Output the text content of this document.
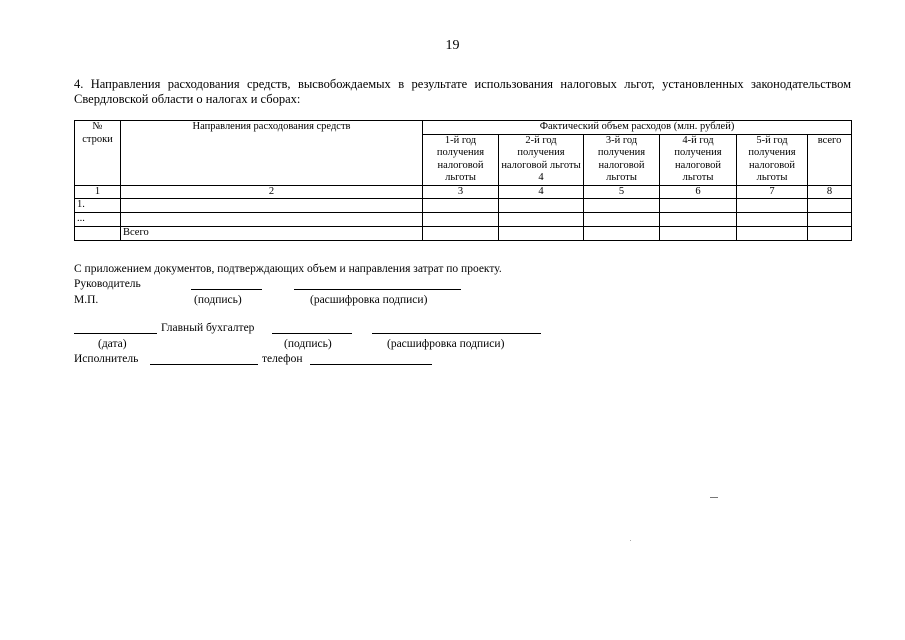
19
4. Направления расходования средств, высвобождаемых в результате использования налоговых льгот, установленных законодательством Свердловской области о налогах и сборах:
№ строки	Направления расходования средств	Фактический объем расходов (млн. рублей)					
		1-й год получения налоговой льготы	2-й год получения налоговой льготы 4	3-й год получения налоговой льготы	4-й год получения налоговой льготы	5-й год получения налоговой льготы	всего
1	2	3	4	5	6	7	8
1.							
...							
	Всего						
С приложением документов, подтверждающих объем и направления затрат по проекту.
Руководитель
М.П.	(подпись)	(расшифровка подписи)
Главный бухгалтер
(дата)	(подпись)	(расшифровка подписи)
Исполнитель	телефон
